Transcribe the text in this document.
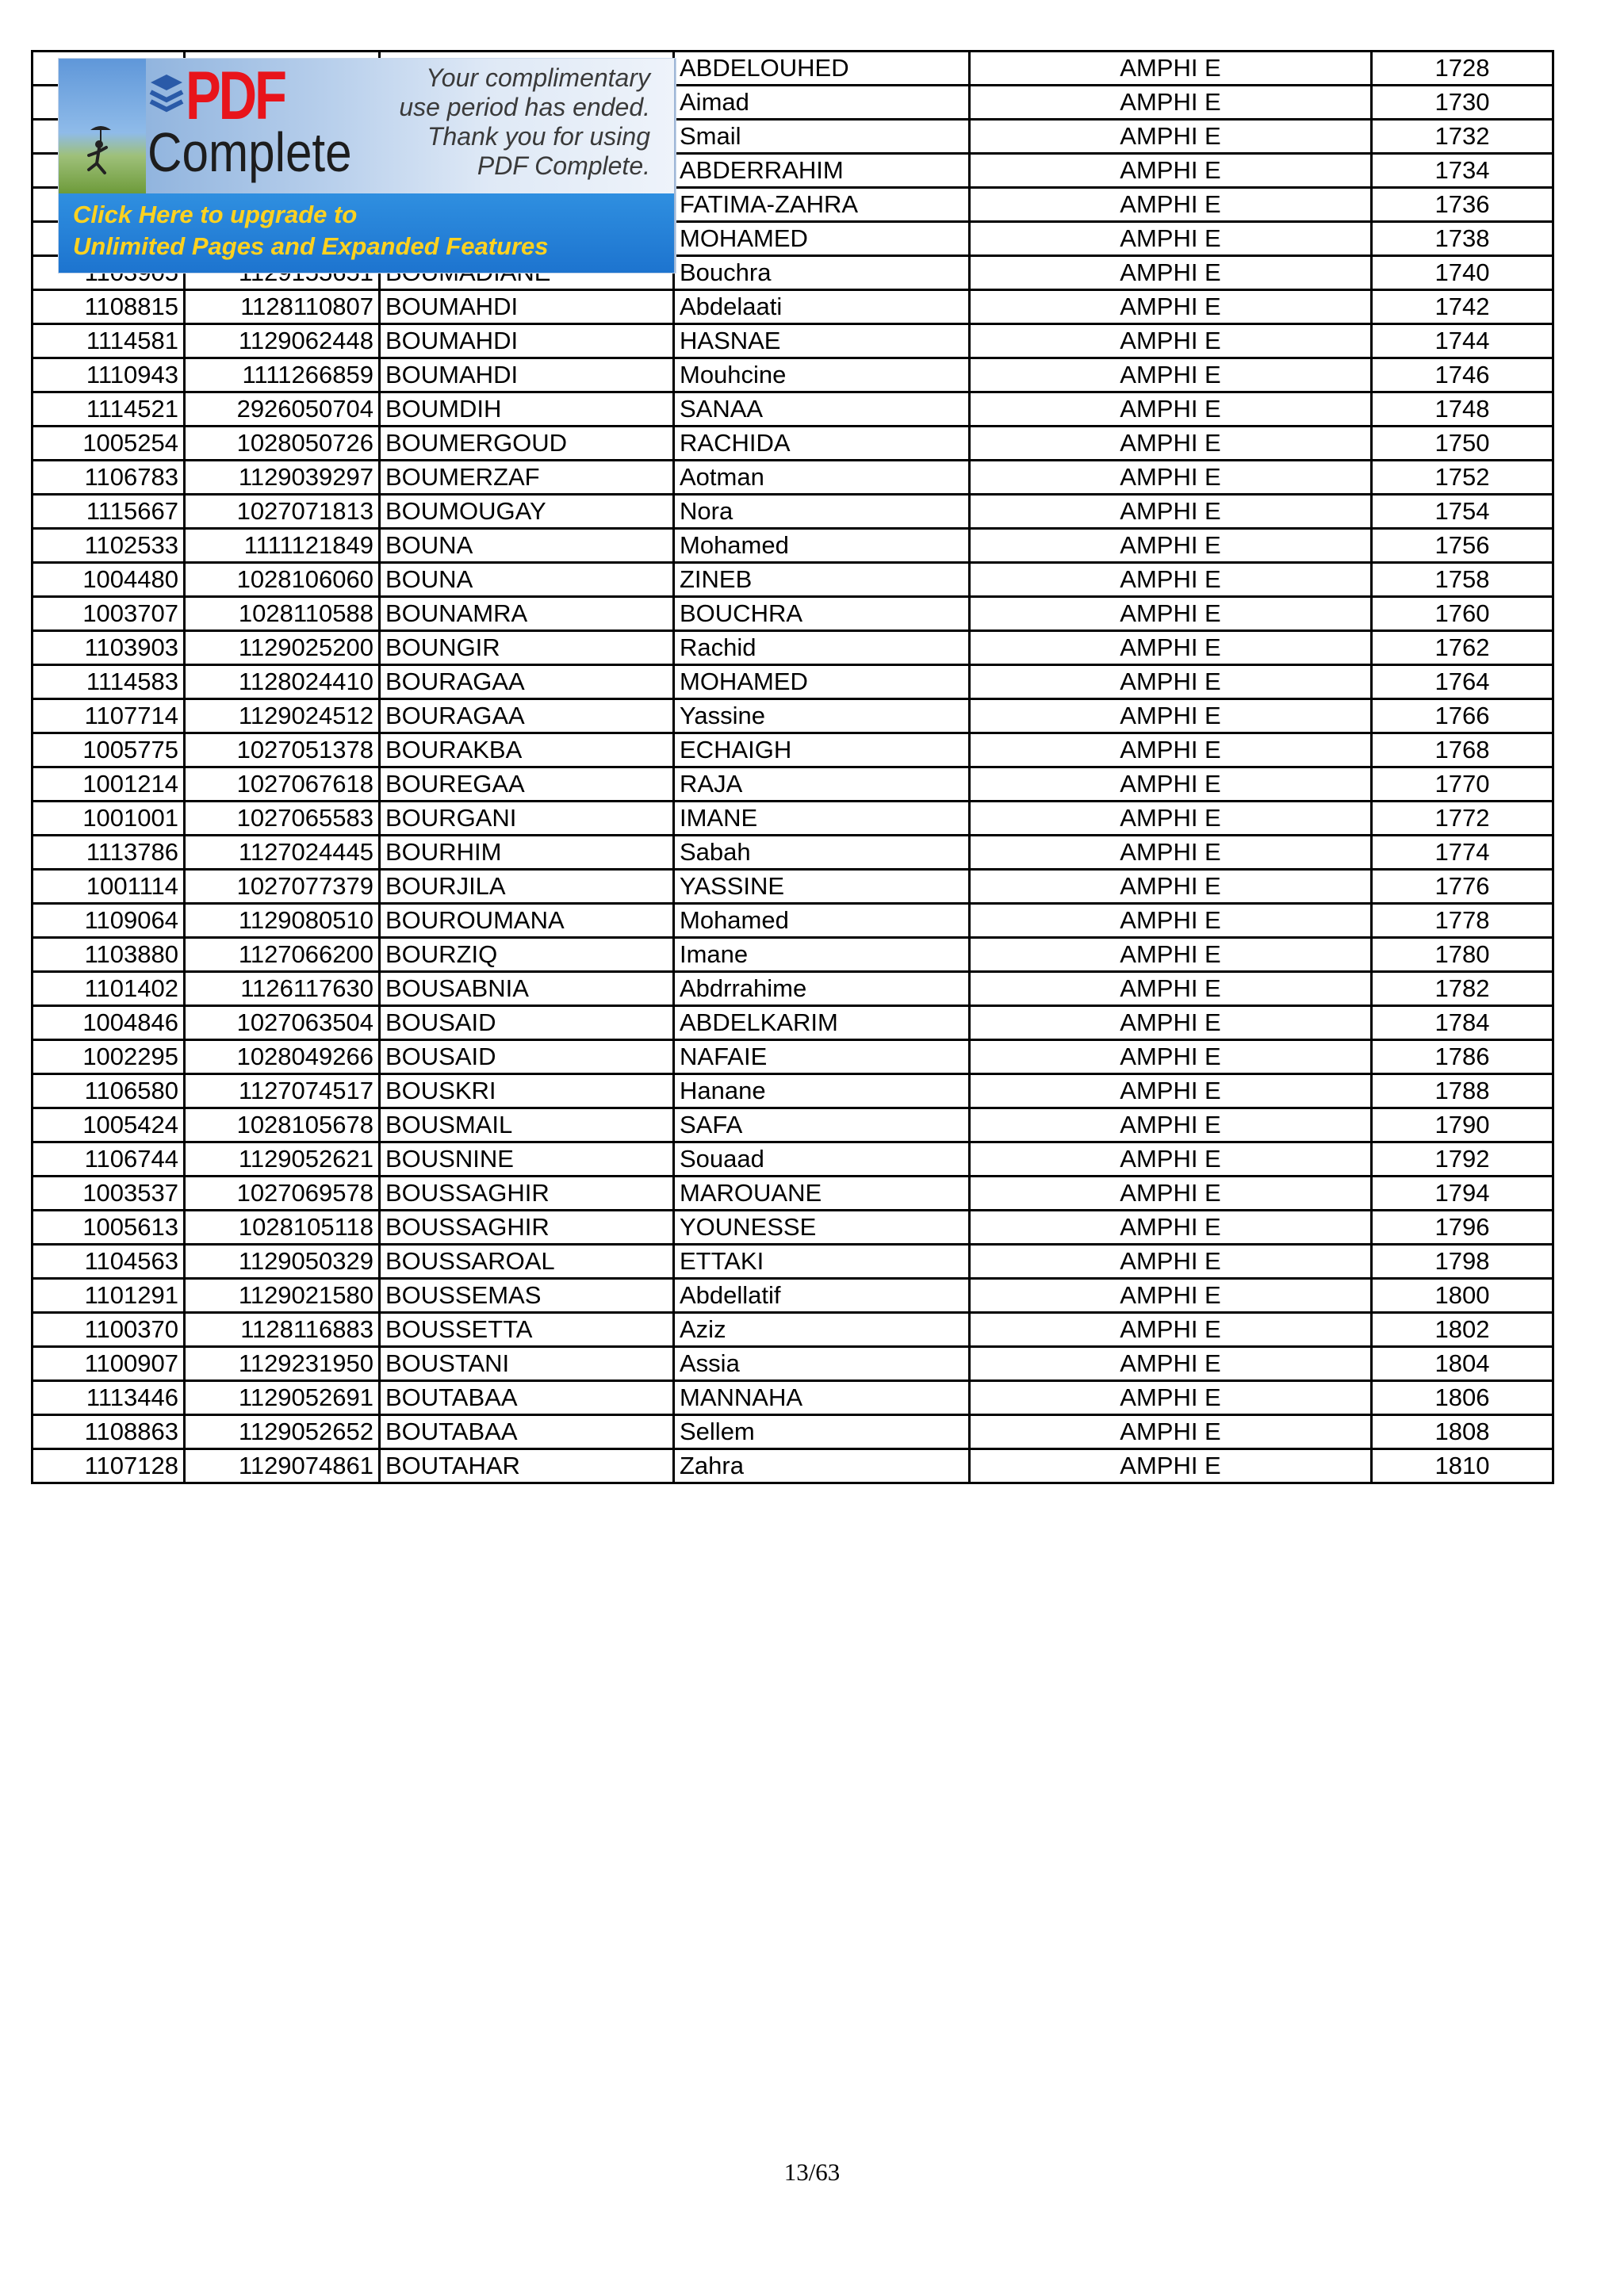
			ABDELOUHED	AMPHI E	1728
			Aimad	AMPHI E	1730
			Smail	AMPHI E	1732
			ABDERRAHIM	AMPHI E	1734
			FATIMA-ZAHRA	AMPHI E	1736
			MOHAMED	AMPHI E	1738
			Bouchra	AMPHI E	1740
1108815	1128110807	BOUMAHDI	Abdelaati	AMPHI E	1742
1114581	1129062448	BOUMAHDI	HASNAE	AMPHI E	1744
1110943	1111266859	BOUMAHDI	Mouhcine	AMPHI E	1746
1114521	2926050704	BOUMDIH	SANAA	AMPHI E	1748
1005254	1028050726	BOUMERGOUD	RACHIDA	AMPHI E	1750
1106783	1129039297	BOUMERZAF	Aotman	AMPHI E	1752
1115667	1027071813	BOUMOUGAY	Nora	AMPHI E	1754
1102533	1111121849	BOUNA	Mohamed	AMPHI E	1756
1004480	1028106060	BOUNA	ZINEB	AMPHI E	1758
1003707	1028110588	BOUNAMRA	BOUCHRA	AMPHI E	1760
1103903	1129025200	BOUNGIR	Rachid	AMPHI E	1762
1114583	1128024410	BOURAGAA	MOHAMED	AMPHI E	1764
1107714	1129024512	BOURAGAA	Yassine	AMPHI E	1766
1005775	1027051378	BOURAKBA	ECHAIGH	AMPHI E	1768
1001214	1027067618	BOUREGAA	RAJA	AMPHI E	1770
1001001	1027065583	BOURGANI	IMANE	AMPHI E	1772
1113786	1127024445	BOURHIM	Sabah	AMPHI E	1774
1001114	1027077379	BOURJILA	YASSINE	AMPHI E	1776
1109064	1129080510	BOUROUMANA	Mohamed	AMPHI E	1778
1103880	1127066200	BOURZIQ	Imane	AMPHI E	1780
1101402	1126117630	BOUSABNIA	Abdrrahime	AMPHI E	1782
1004846	1027063504	BOUSAID	ABDELKARIM	AMPHI E	1784
1002295	1028049266	BOUSAID	NAFAIE	AMPHI E	1786
1106580	1127074517	BOUSKRI	Hanane	AMPHI E	1788
1005424	1028105678	BOUSMAIL	SAFA	AMPHI E	1790
1106744	1129052621	BOUSNINE	Souaad	AMPHI E	1792
1003537	1027069578	BOUSSAGHIR	MAROUANE	AMPHI E	1794
1005613	1028105118	BOUSSAGHIR	YOUNESSE	AMPHI E	1796
1104563	1129050329	BOUSSAROAL	ETTAKI	AMPHI E	1798
1101291	1129021580	BOUSSEMAS	Abdellatif	AMPHI E	1800
1100370	1128116883	BOUSSETTA	Aziz	AMPHI E	1802
1100907	1129231950	BOUSTANI	Assia	AMPHI E	1804
1113446	1129052691	BOUTABAA	MANNAHA	AMPHI E	1806
1108863	1129052652	BOUTABAA	Sellem	AMPHI E	1808
1107128	1129074861	BOUTAHAR	Zahra	AMPHI E	1810
PDF
Complete
Your complimentary
use period has ended.
Thank you for using
PDF Complete.
Click Here to upgrade to
Unlimited Pages and Expanded Features
13/63
